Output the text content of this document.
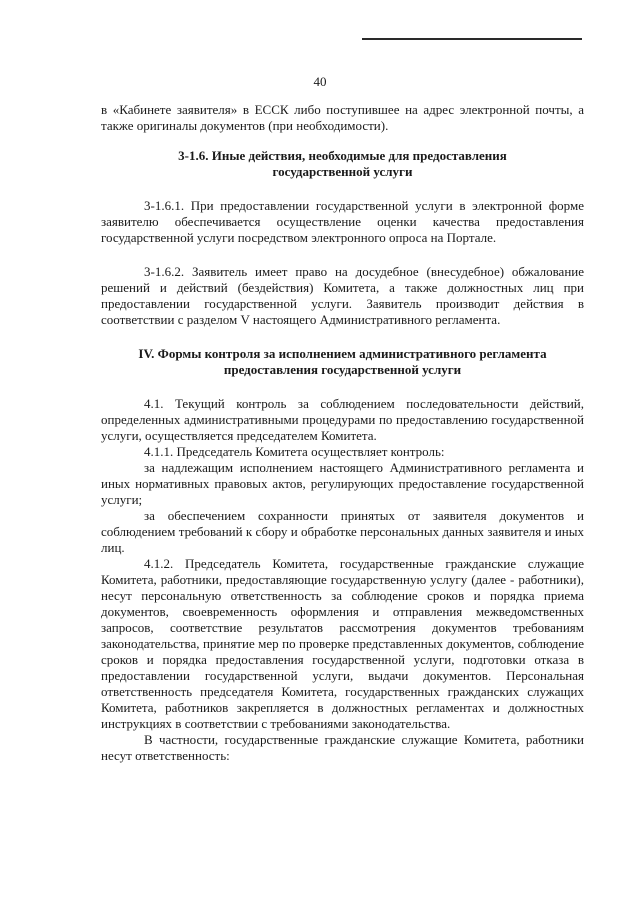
40

в «Кабинете заявителя» в ЕССК либо поступившее на адрес электронной почты, а также оригиналы документов (при необходимости).

3-1.6. Иные действия, необходимые для предоставления государственной услуги

3-1.6.1. При предоставлении государственной услуги в электронной форме заявителю обеспечивается осуществление оценки качества предоставления государственной услуги посредством электронного опроса на Портале.

3-1.6.2. Заявитель имеет право на досудебное (внесудебное) обжалование решений и действий (бездействия) Комитета, а также должностных лиц при предоставлении государственной услуги. Заявитель производит действия в соответствии с разделом V настоящего Административного регламента.

IV. Формы контроля за исполнением административного регламента предоставления государственной услуги

4.1. Текущий контроль за соблюдением последовательности действий, определенных административными процедурами по предоставлению государственной услуги, осуществляется председателем Комитета.

4.1.1. Председатель Комитета осуществляет контроль:

за надлежащим исполнением настоящего Административного регламента и иных нормативных правовых актов, регулирующих предоставление государственной услуги;

за обеспечением сохранности принятых от заявителя документов и соблюдением требований к сбору и обработке персональных данных заявителя и иных лиц.

4.1.2. Председатель Комитета, государственные гражданские служащие Комитета, работники, предоставляющие государственную услугу (далее - работники), несут персональную ответственность за соблюдение сроков и порядка приема документов, своевременность оформления и отправления межведомственных запросов, соответствие результатов рассмотрения документов требованиям законодательства, принятие мер по проверке представленных документов, соблюдение сроков и порядка предоставления государственной услуги, подготовки отказа в предоставлении государственной услуги, выдачи документов. Персональная ответственность председателя Комитета, государственных гражданских служащих Комитета, работников закрепляется в должностных регламентах и должностных инструкциях в соответствии с требованиями законодательства.

В частности, государственные гражданские служащие Комитета, работники несут ответственность:
